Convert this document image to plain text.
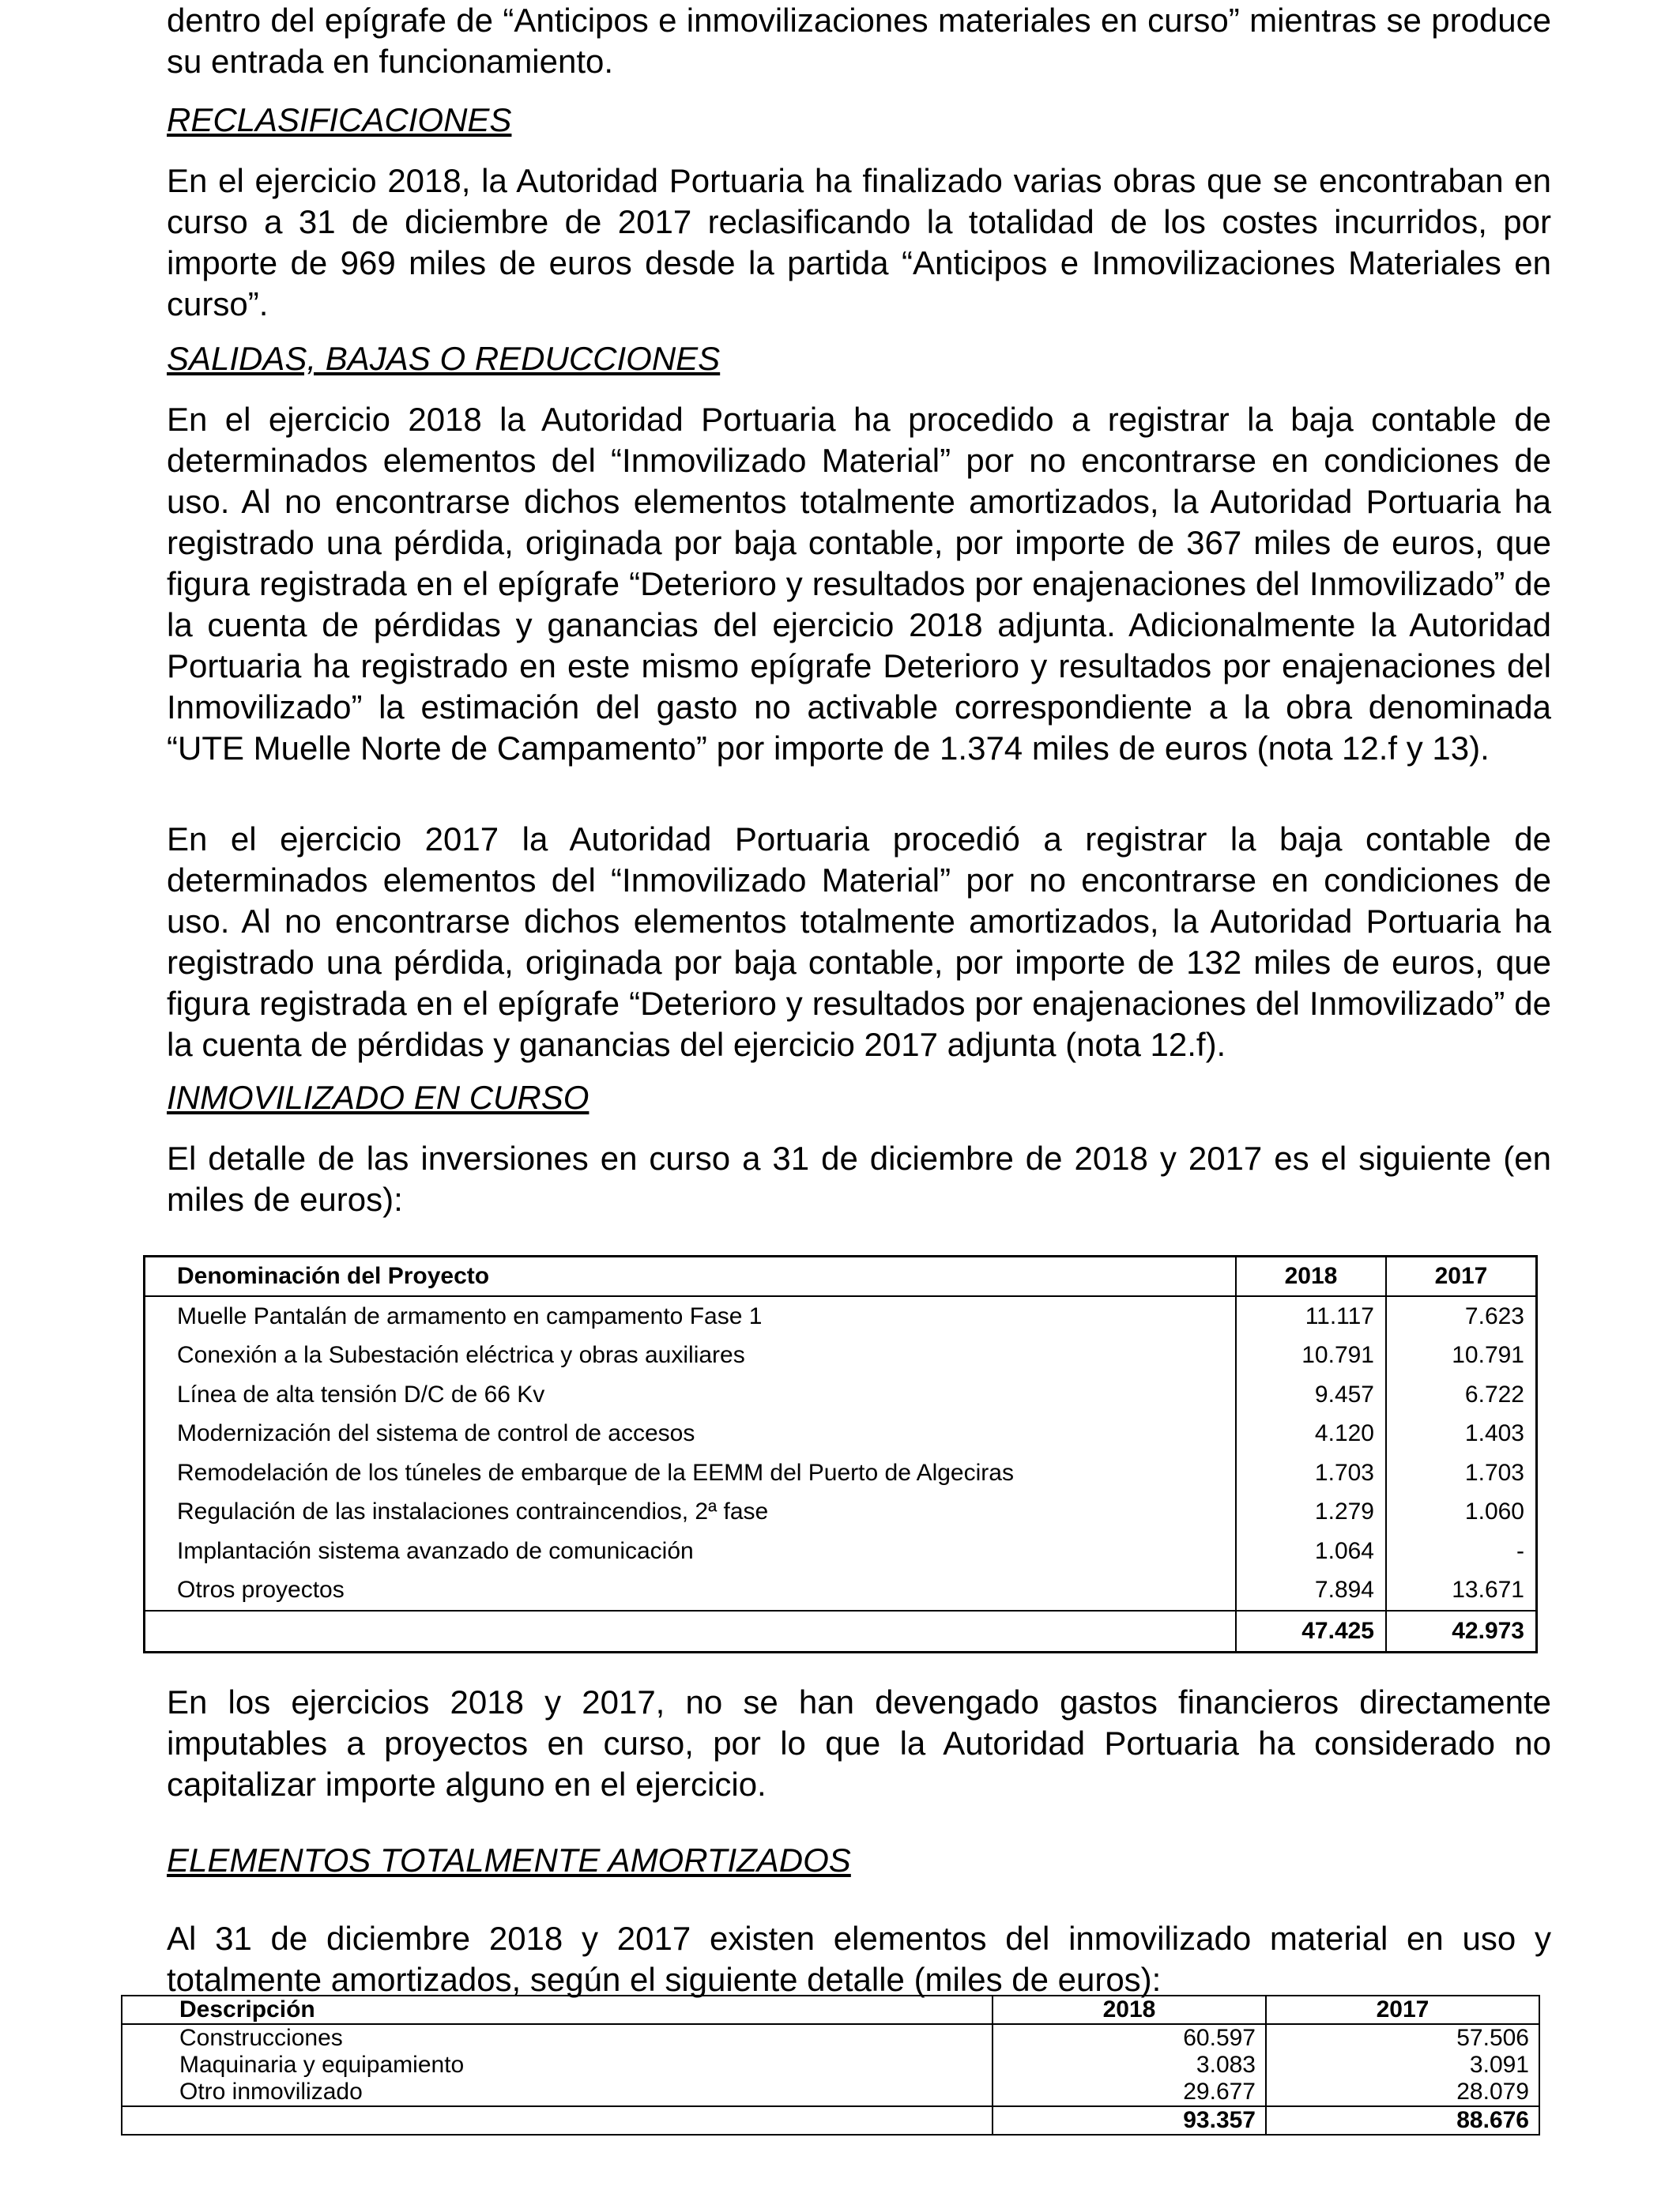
dentro del epígrafe de “Anticipos e inmovilizaciones materiales en curso” mientras se produce su entrada en funcionamiento.

RECLASIFICACIONES

En el ejercicio 2018, la Autoridad Portuaria ha finalizado varias obras que se encontraban en curso a 31 de diciembre de 2017 reclasificando la totalidad de los costes incurridos, por importe de 969 miles de euros desde la partida “Anticipos e Inmovilizaciones Materiales en curso”.

SALIDAS, BAJAS O REDUCCIONES

En el ejercicio 2018 la Autoridad Portuaria ha procedido a registrar la baja contable de determinados elementos del “Inmovilizado Material” por no encontrarse en condiciones de uso. Al no encontrarse dichos elementos totalmente amortizados, la Autoridad Portuaria ha registrado una pérdida, originada por baja contable, por importe de 367 miles de euros, que figura registrada en el epígrafe “Deterioro y resultados por enajenaciones del Inmovilizado” de la cuenta de pérdidas y ganancias del ejercicio 2018 adjunta. Adicionalmente la Autoridad Portuaria ha registrado en este mismo epígrafe Deterioro y resultados por enajenaciones del Inmovilizado” la estimación del gasto no activable correspondiente a la obra denominada “UTE Muelle Norte de Campamento” por importe de 1.374 miles de euros (nota 12.f y 13).

En el ejercicio 2017 la Autoridad Portuaria procedió a registrar la baja contable de determinados elementos del “Inmovilizado Material” por no encontrarse en condiciones de uso. Al no encontrarse dichos elementos totalmente amortizados, la Autoridad Portuaria ha registrado una pérdida, originada por baja contable, por importe de 132 miles de euros, que figura registrada en el epígrafe “Deterioro y resultados por enajenaciones del Inmovilizado” de la cuenta de pérdidas y ganancias del ejercicio 2017 adjunta (nota 12.f).

INMOVILIZADO EN CURSO

El detalle de las inversiones en curso a 31 de diciembre de 2018 y 2017 es el siguiente (en miles de euros):

En los ejercicios 2018 y 2017, no se han devengado gastos financieros directamente imputables a proyectos en curso, por lo que la Autoridad Portuaria ha considerado no capitalizar importe alguno en el ejercicio.

ELEMENTOS TOTALMENTE AMORTIZADOS

Al 31 de diciembre 2018 y 2017 existen elementos del inmovilizado material en uso y totalmente amortizados, según el siguiente detalle (miles de euros):

Denominación del Proyecto	2018	2017
Muelle Pantalán de armamento en campamento Fase 1	11.117	7.623
Conexión a la Subestación eléctrica y obras auxiliares	10.791	10.791
Línea de alta tensión D/C de 66 Kv	9.457	6.722
Modernización del sistema de control de accesos	4.120	1.403
Remodelación de los túneles de embarque de la EEMM del Puerto de Algeciras	1.703	1.703
Regulación de las instalaciones contraincendios, 2ª fase	1.279	1.060
Implantación sistema avanzado de comunicación	1.064	-
Otros proyectos	7.894	13.671
	47.425	42.973
Descripción	2018	2017
Construcciones	60.597	57.506
Maquinaria y equipamiento	3.083	3.091
Otro inmovilizado	29.677	28.079
	93.357	88.676
